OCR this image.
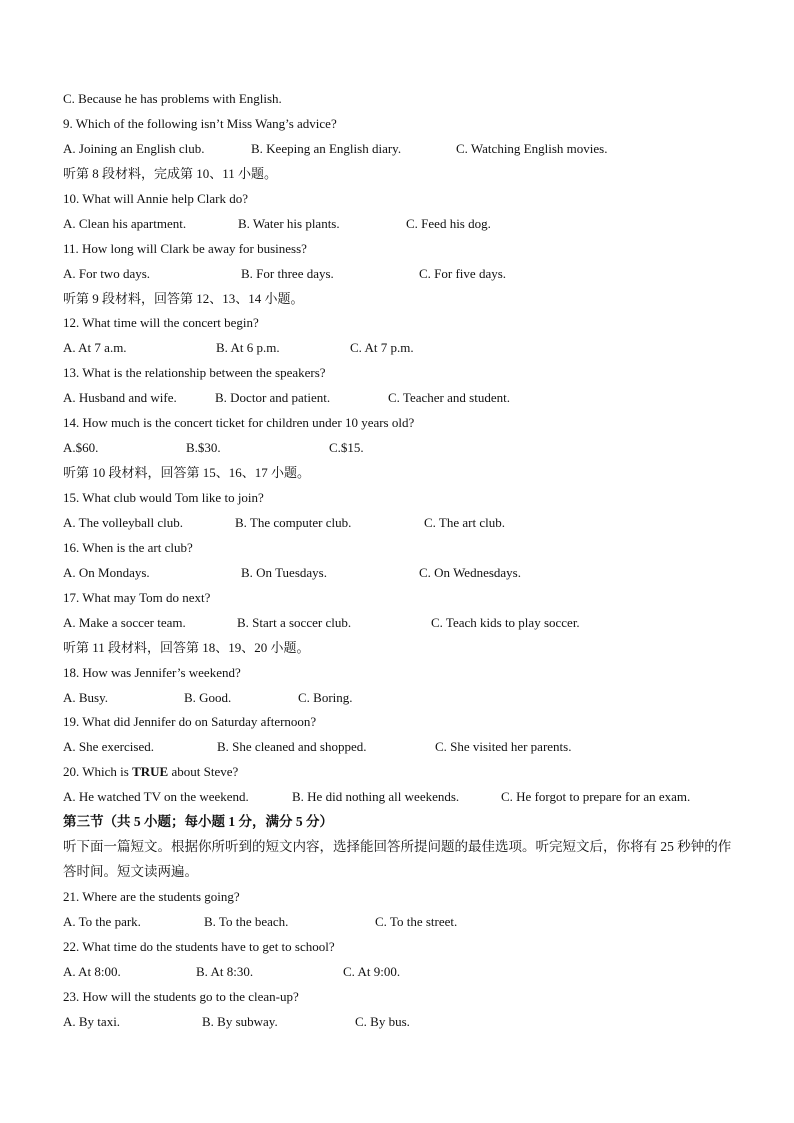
C. Because he has problems with English.
9. Which of the following isn’t Miss Wang’s advice?
A. Joining an English club.	B. Keeping an English diary.	C. Watching English movies.
听第 8 段材料，完成第 10、11 小题。
10. What will Annie help Clark do?
A. Clean his apartment.	B. Water his plants.	C. Feed his dog.
11. How long will Clark be away for business?
A. For two days.	B. For three days.	C. For five days.
听第 9 段材料，回答第 12、13、14 小题。
12. What time will the concert begin?
A. At 7 a.m.	B. At 6 p.m.	C. At 7 p.m.
13. What is the relationship between the speakers?
A. Husband and wife.	B. Doctor and patient.	C. Teacher and student.
14. How much is the concert ticket for children under 10 years old?
A.$60.	B.$30.	C.$15.
听第 10 段材料，回答第 15、16、17 小题。
15. What club would Tom like to join?
A. The volleyball club.	B. The computer club.	C. The art club.
16. When is the art club?
A. On Mondays.	B. On Tuesdays.	C. On Wednesdays.
17. What may Tom do next?
A. Make a soccer team.	B. Start a soccer club.	C. Teach kids to play soccer.
听第 11 段材料，回答第 18、19、20 小题。
18. How was Jennifer’s weekend?
A. Busy.	B. Good.	C. Boring.
19. What did Jennifer do on Saturday afternoon?
A. She exercised.	B. She cleaned and shopped.	C. She visited her parents.
20. Which is TRUE about Steve?
A. He watched TV on the weekend.	B. He did nothing all weekends.	C. He forgot to prepare for an exam.
第三节（共 5 小题；每小题 1 分，满分 5 分）
听下面一篇短文。根据你所听到的短文内容，选择能回答所提问题的最佳选项。听完短文后，你将有 25 秒钟的作答时间。短文读两遍。
21. Where are the students going?
A. To the park.	B. To the beach.	C. To the street.
22. What time do the students have to get to school?
A. At 8:00.	B. At 8:30.	C. At 9:00.
23. How will the students go to the clean-up?
A. By taxi.	B. By subway.	C. By bus.
